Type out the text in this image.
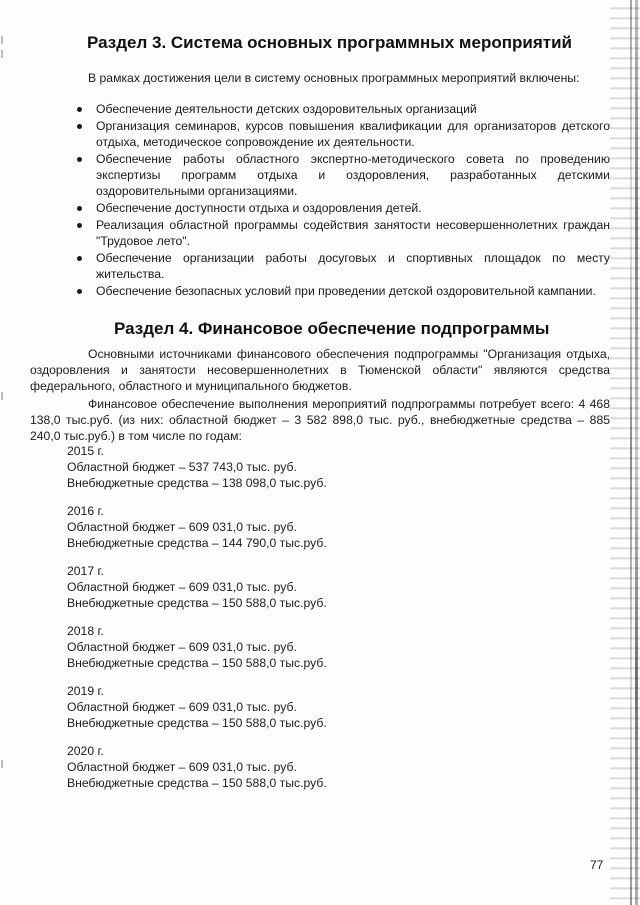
Раздел 3. Система основных программных мероприятий
В рамках достижения цели в систему основных программных мероприятий включены:
Обеспечение деятельности детских оздоровительных организаций
Организация семинаров, курсов повышения квалификации для организаторов детского отдыха, методическое сопровождение их деятельности.
Обеспечение работы областного экспертно-методического совета по проведению экспертизы программ отдыха и оздоровления, разработанных детскими оздоровительными организациями.
Обеспечение доступности отдыха и оздоровления детей.
Реализация областной программы содействия занятости несовершеннолетних граждан "Трудовое лето".
Обеспечение организации работы досуговых и спортивных площадок по месту жительства.
Обеспечение безопасных условий при проведении детской оздоровительной кампании.
Раздел 4. Финансовое обеспечение подпрограммы
Основными источниками финансового обеспечения подпрограммы "Организация отдыха, оздоровления и занятости несовершеннолетних в Тюменской области" являются средства федерального, областного и муниципального бюджетов.
Финансовое обеспечение выполнения мероприятий подпрограммы потребует всего: 4 468 138,0 тыс.руб. (из них: областной бюджет – 3 582 898,0 тыс. руб., внебюджетные средства – 885 240,0 тыс.руб.) в том числе по годам:
2015 г.
Областной бюджет – 537 743,0 тыс. руб.
Внебюджетные средства – 138 098,0 тыс.руб.
2016 г.
Областной бюджет – 609 031,0 тыс. руб.
Внебюджетные средства – 144 790,0 тыс.руб.
2017 г.
Областной бюджет – 609 031,0 тыс. руб.
Внебюджетные средства – 150 588,0 тыс.руб.
2018 г.
Областной бюджет – 609 031,0 тыс. руб.
Внебюджетные средства – 150 588,0 тыс.руб.
2019 г.
Областной бюджет – 609 031,0 тыс. руб.
Внебюджетные средства – 150 588,0 тыс.руб.
2020 г.
Областной бюджет – 609 031,0 тыс. руб.
Внебюджетные средства – 150 588,0 тыс.руб.
77
